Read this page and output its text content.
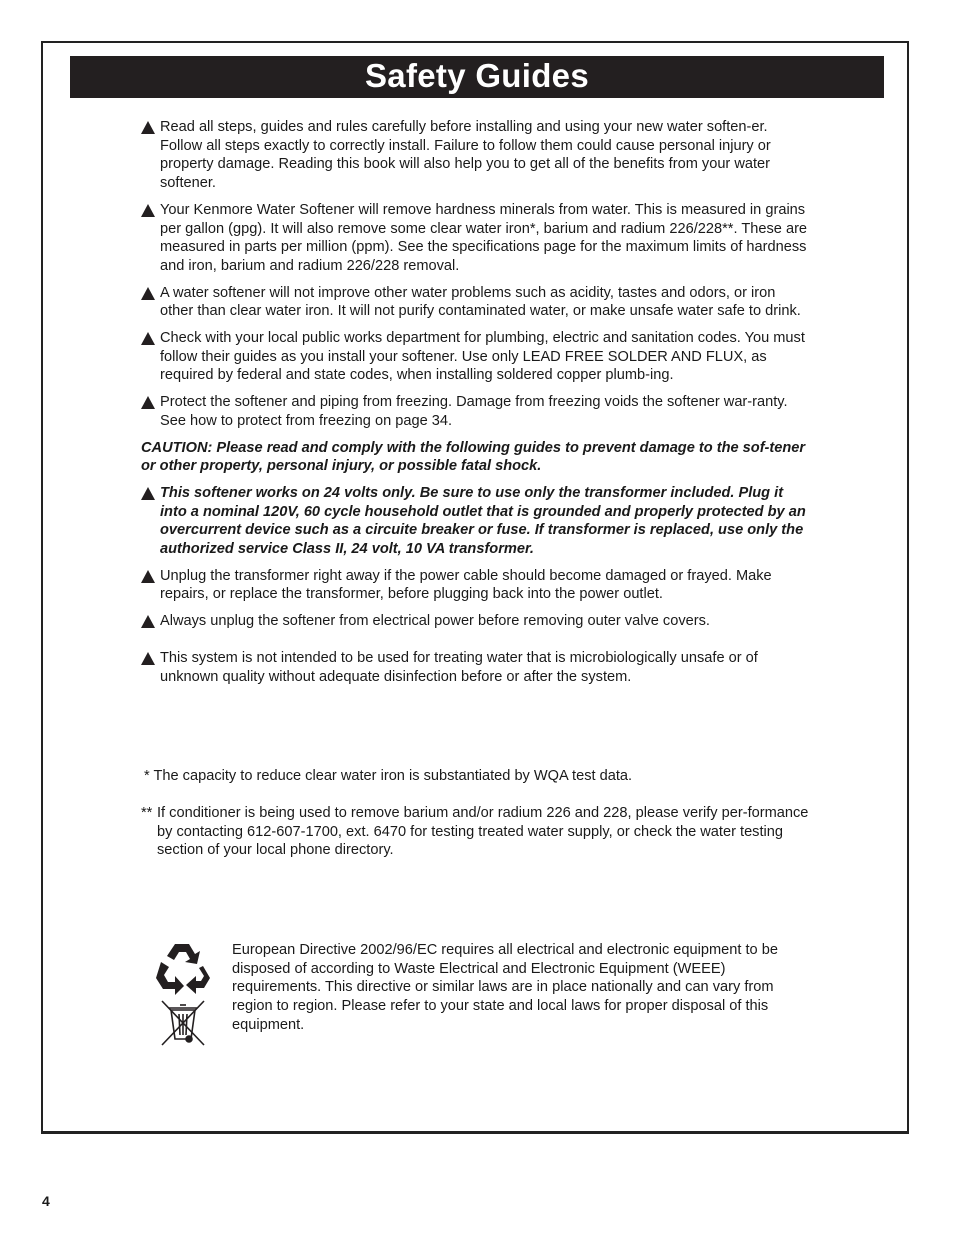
Safety Guides
Read all steps, guides and rules carefully before installing and using your new water soften-er. Follow all steps exactly to correctly install. Failure to follow them could cause personal injury or property damage. Reading this book will also help you to get all of the benefits from your water softener.
Your Kenmore Water Softener will remove hardness minerals from water. This is measured in grains per gallon (gpg). It will also remove some clear water iron*, barium and radium 226/228**. These are measured in parts per million (ppm). See the specifications page for the maximum limits of hardness and iron, barium and radium 226/228 removal.
A water softener will not improve other water problems such as acidity, tastes and odors, or iron other than clear water iron. It will not purify contaminated water, or make unsafe water safe to drink.
Check with your local public works department for plumbing, electric and sanitation codes. You must follow their guides as you install your softener. Use only LEAD FREE SOLDER AND FLUX, as required by federal and state codes, when installing soldered copper plumb-ing.
Protect the softener and piping from freezing. Damage from freezing voids the softener war-ranty. See how to protect from freezing on page 34.
CAUTION: Please read and comply with the following guides to prevent damage to the sof-tener or other property, personal injury, or possible fatal shock.
This softener works on 24 volts only. Be sure to use only the transformer included. Plug it into a nominal 120V, 60 cycle household outlet that is grounded and properly protected by an overcurrent device such as a circuite breaker or fuse. If transformer is replaced, use only the authorized service Class II, 24 volt, 10 VA transformer.
Unplug the transformer right away if the power cable should become damaged or frayed. Make repairs, or replace the transformer, before plugging back into the power outlet.
Always unplug the softener from electrical power before removing outer valve covers.
This system is not intended to be used for treating water that is microbiologically unsafe or of unknown quality without adequate disinfection before or after the system.
* The capacity to reduce clear water iron is substantiated by WQA test data.
** If conditioner is being used to remove barium and/or radium 226 and 228, please verify per-formance by contacting 612-607-1700, ext. 6470 for testing treated water supply, or check the water testing section of your local phone directory.
European Directive 2002/96/EC requires all electrical and electronic equipment to be disposed of according to Waste Electrical and Electronic Equipment (WEEE) requirements. This directive or similar laws are in place nationally and can vary from region to region. Please refer to your state and local laws for proper disposal of this equipment.
4
